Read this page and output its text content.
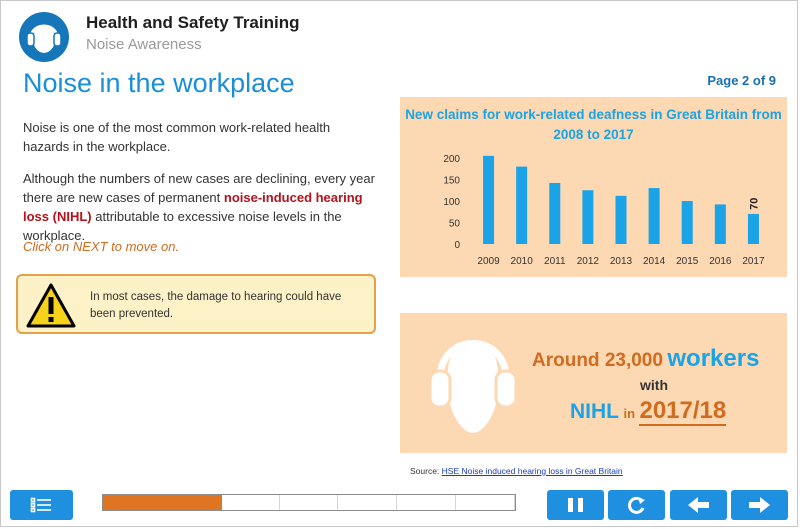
Health and Safety Training
Noise Awareness
Noise in the workplace	Page 2 of 9
Noise is one of the most common work-related health hazards in the workplace.
Although the numbers of new cases are declining, every year there are new cases of permanent noise-induced hearing loss (NIHL) attributable to excessive noise levels in the workplace.
Click on NEXT to move on.
In most cases, the damage to hearing could have been prevented.
New claims for work-related deafness in Great Britain from 2008 to 2017
0
50
100
150
200
2009 2010 2011 2012 2013 2014 2015 2016 2017
70
Around 23,000 workers
with
NIHL in 2017/18
Source: HSE Noise induced hearing loss in Great Britain
